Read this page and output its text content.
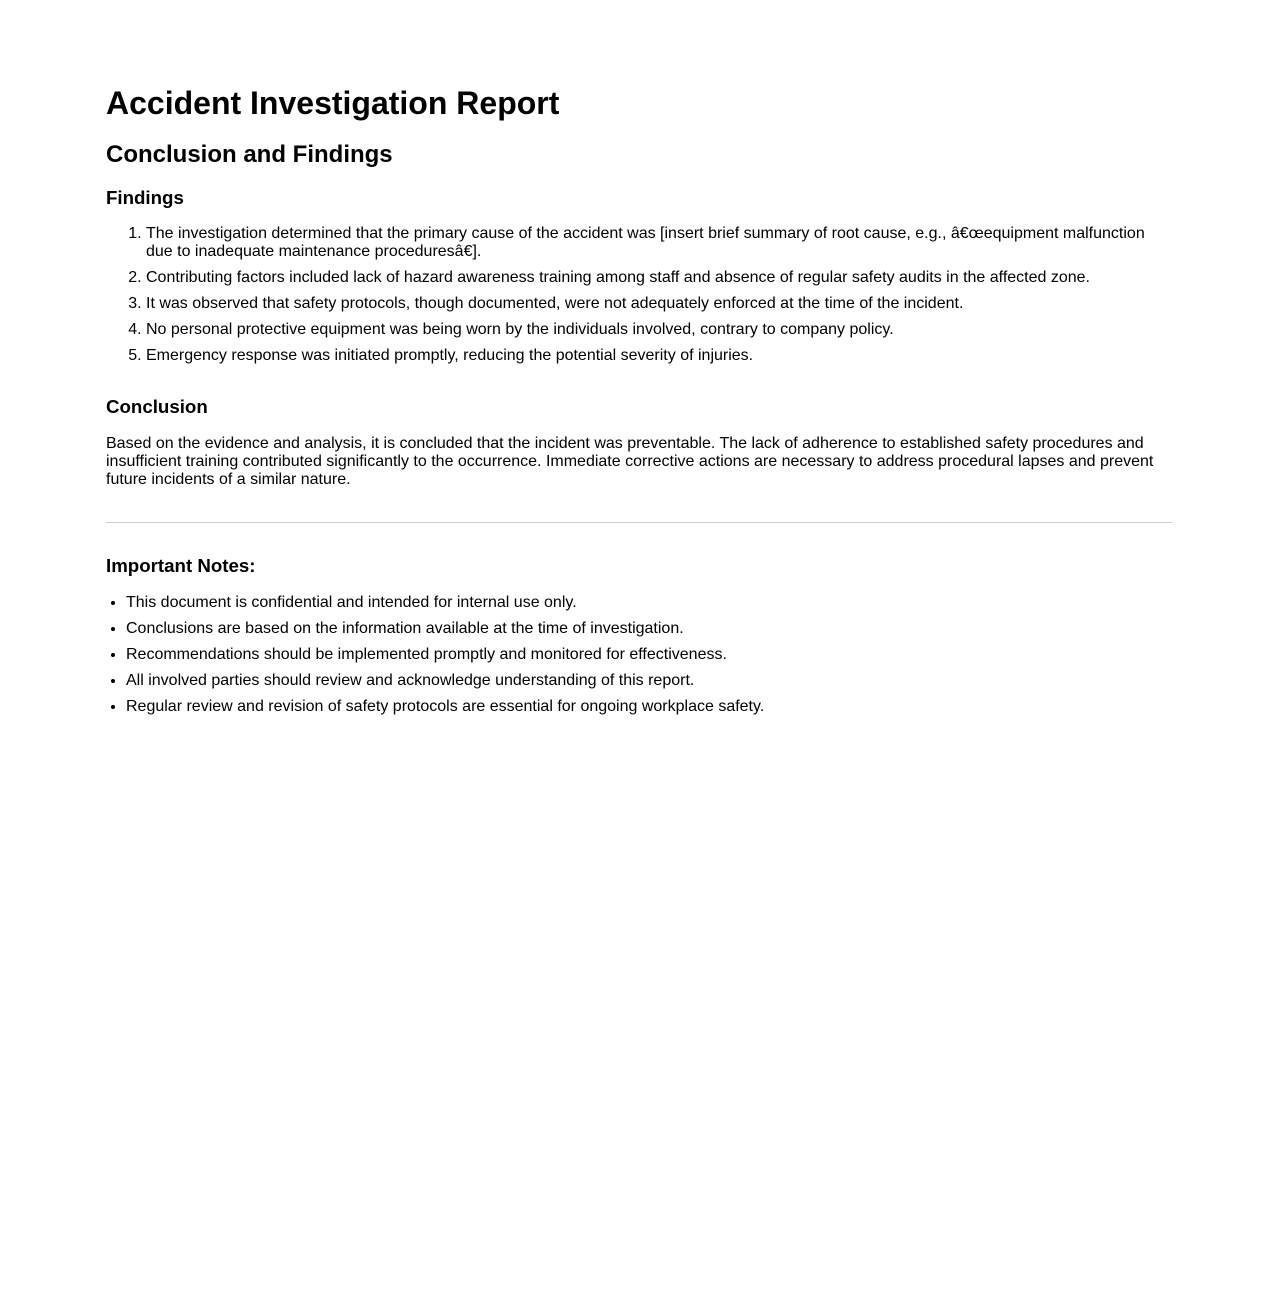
Accident Investigation Report
Conclusion and Findings
Findings
1. The investigation determined that the primary cause of the accident was [insert brief summary of root cause, e.g., â€œequipment malfunction due to inadequate maintenance proceduresâ€].
2. Contributing factors included lack of hazard awareness training among staff and absence of regular safety audits in the affected zone.
3. It was observed that safety protocols, though documented, were not adequately enforced at the time of the incident.
4. No personal protective equipment was being worn by the individuals involved, contrary to company policy.
5. Emergency response was initiated promptly, reducing the potential severity of injuries.
Conclusion

Based on the evidence and analysis, it is concluded that the incident was preventable. The lack of adherence to established safety procedures and insufficient training contributed significantly to the occurrence. Immediate corrective actions are necessary to address procedural lapses and prevent future incidents of a similar nature.

Important Notes:
• This document is confidential and intended for internal use only.
• Conclusions are based on the information available at the time of investigation.
• Recommendations should be implemented promptly and monitored for effectiveness.
• All involved parties should review and acknowledge understanding of this report.
• Regular review and revision of safety protocols are essential for ongoing workplace safety.
